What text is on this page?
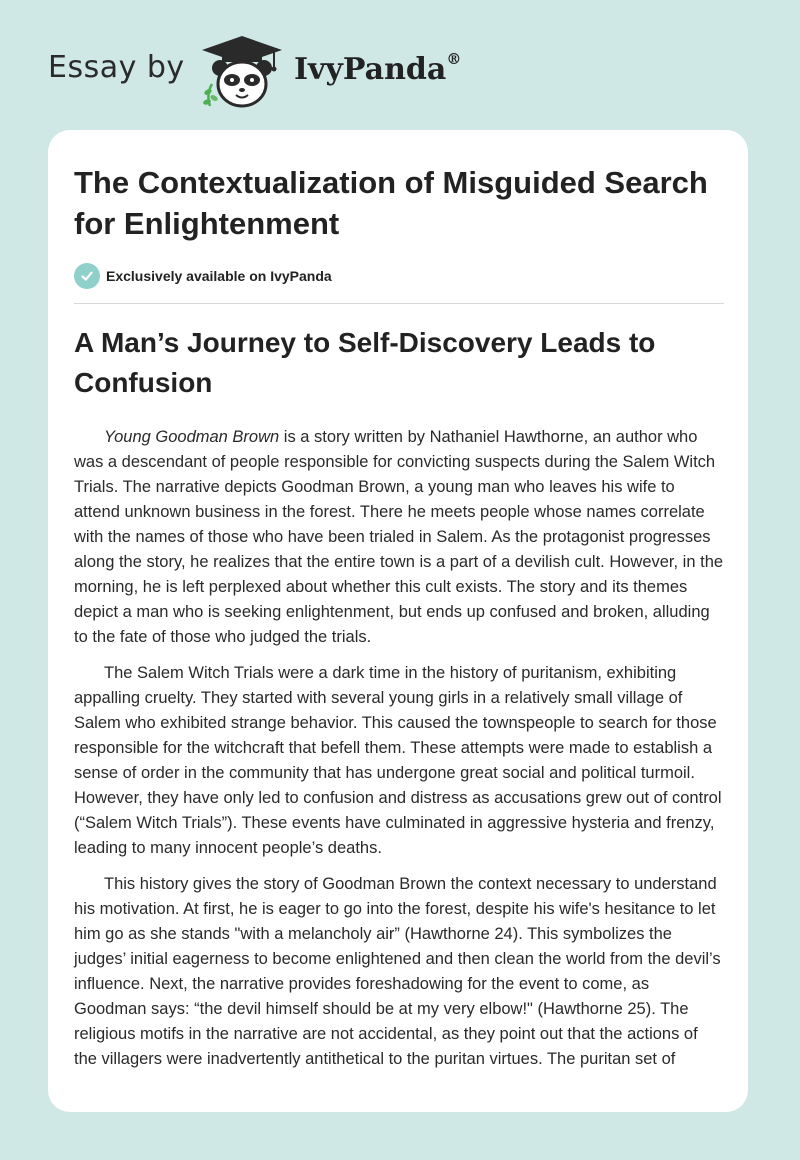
Essay by	IvyPanda®
The Contextualization of Misguided Search for Enlightenment
Exclusively available on IvyPanda
A Man’s Journey to Self-Discovery Leads to Confusion

Young Goodman Brown is a story written by Nathaniel Hawthorne, an author who was a descendant of people responsible for convicting suspects during the Salem Witch Trials. The narrative depicts Goodman Brown, a young man who leaves his wife to attend unknown business in the forest. There he meets people whose names correlate with the names of those who have been trialed in Salem. As the protagonist progresses along the story, he realizes that the entire town is a part of a devilish cult. However, in the morning, he is left perplexed about whether this cult exists. The story and its themes depict a man who is seeking enlightenment, but ends up confused and broken, alluding to the fate of those who judged the trials.

The Salem Witch Trials were a dark time in the history of puritanism, exhibiting appalling cruelty. They started with several young girls in a relatively small village of Salem who exhibited strange behavior. This caused the townspeople to search for those responsible for the witchcraft that befell them. These attempts were made to establish a sense of order in the community that has undergone great social and political turmoil. However, they have only led to confusion and distress as accusations grew out of control (“Salem Witch Trials”). These events have culminated in aggressive hysteria and frenzy, leading to many innocent people’s deaths.

This history gives the story of Goodman Brown the context necessary to understand his motivation. At first, he is eager to go into the forest, despite his wife's hesitance to let him go as she stands "with a melancholy air” (Hawthorne 24). This symbolizes the judges’ initial eagerness to become enlightened and then clean the world from the devil’s influence. Next, the narrative provides foreshadowing for the event to come, as Goodman says: “the devil himself should be at my very elbow!" (Hawthorne 25). The religious motifs in the narrative are not accidental, as they point out that the actions of the villagers were inadvertently antithetical to the puritan virtues. The puritan set of
